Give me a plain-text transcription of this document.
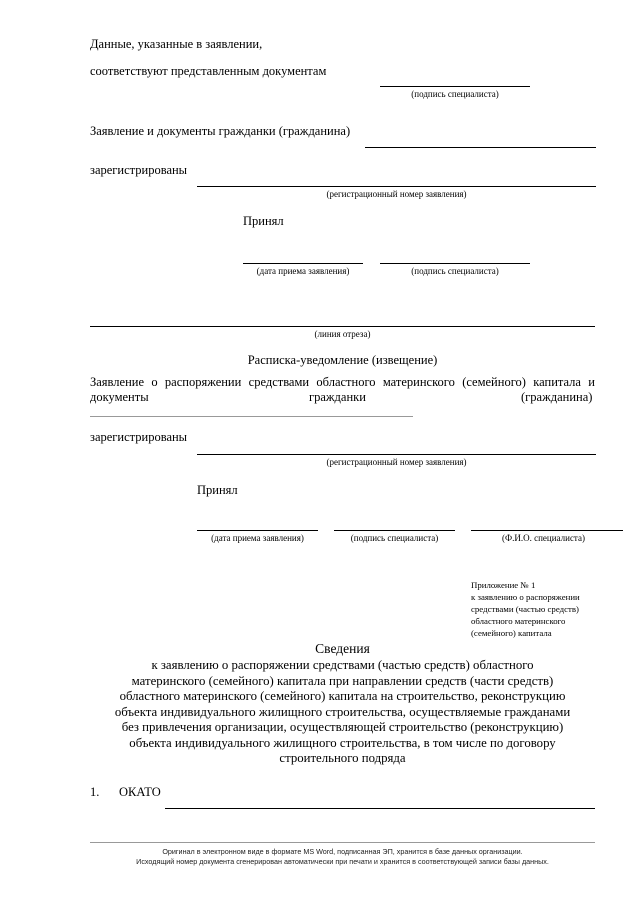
Данные, указанные в заявлении,
соответствуют представленным документам
(подпись специалиста)
Заявление и документы гражданки (гражданина)
зарегистрированы
(регистрационный номер заявления)
Принял
(дата приема заявления)	(подпись специалиста)
(линия отреза)
Расписка-уведомление (извещение)
Заявление о распоряжении средствами областного материнского (семейного) капитала и
документы	гражданки	(гражданина)
зарегистрированы
(регистрационный номер заявления)
Принял
(дата приема заявления)	(подпись специалиста)	(Ф.И.О. специалиста)
Приложение № 1
к заявлению о распоряжении
средствами (частью средств)
областного материнского
(семейного) капитала
Сведения
к заявлению о распоряжении средствами (частью средств) областного
материнского (семейного) капитала при направлении средств (части средств)
областного материнского (семейного) капитала на строительство, реконструкцию
объекта индивидуального жилищного строительства, осуществляемые гражданами
без привлечения организации, осуществляющей строительство (реконструкцию)
объекта индивидуального жилищного строительства, в том числе по договору
строительного подряда
1. ОКАТО
Оригинал в электронном виде в формате MS Word, подписанная ЭП, хранится в базе данных организации.
Исходящий номер документа сгенерирован автоматически при печати и хранится в соответствующей записи базы данных.
